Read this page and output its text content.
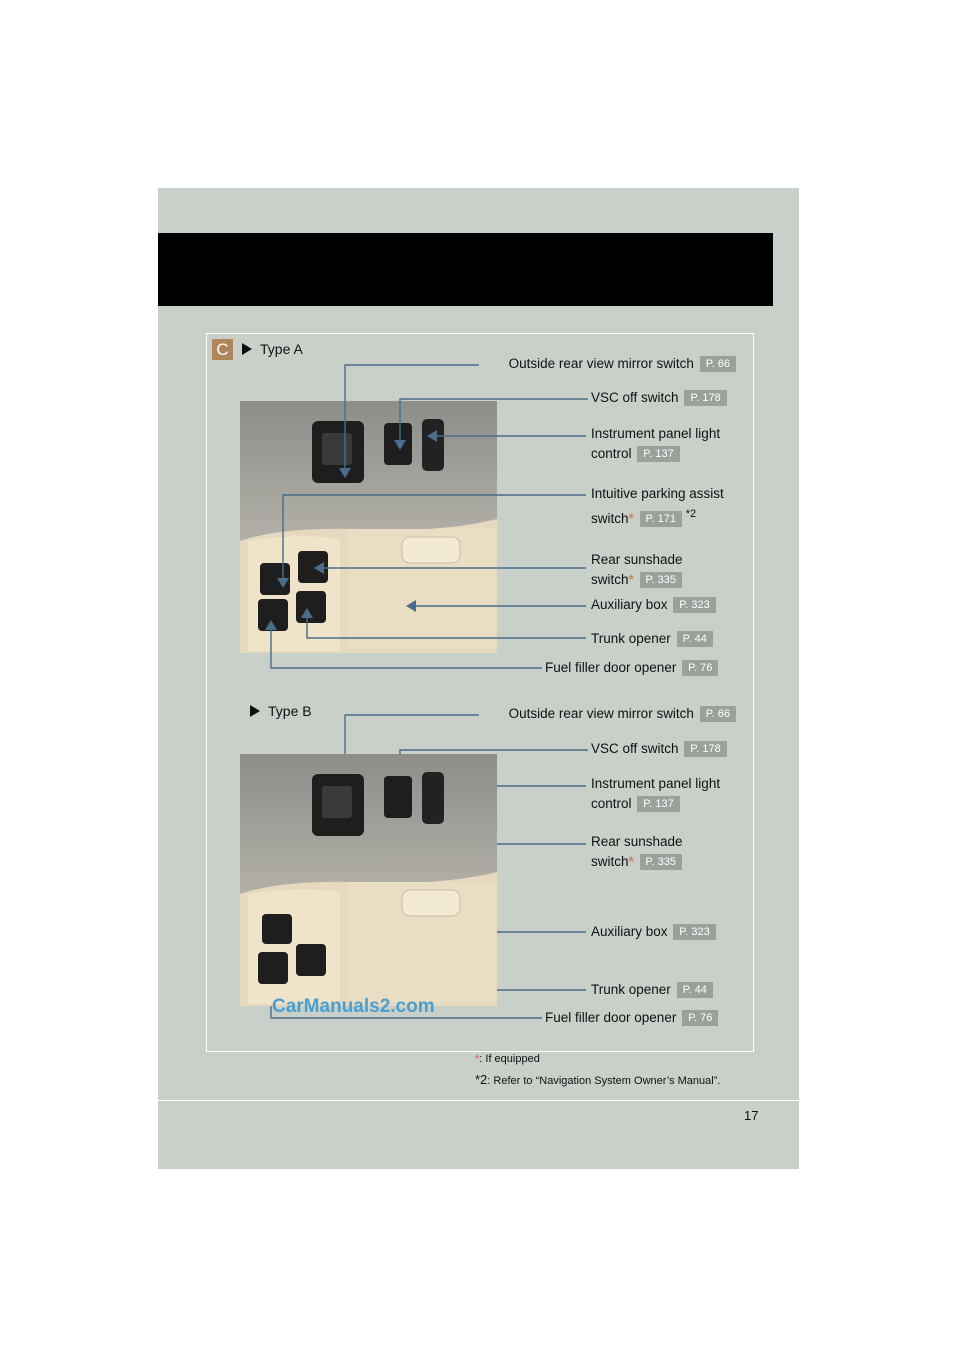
C	Type A
Outside rear view mirror switch P. 66
VSC off switch P. 178
Instrument panel light
control P. 137
Intuitive parking assist
switch* P. 171 $^{*2}$
Rear sunshade
switch* P. 335
Auxiliary box P. 323
Trunk opener P. 44
Fuel filler door opener P. 76
Type B	Outside rear view mirror switch P. 66
VSC off switch P. 178
Instrument panel light
control P. 137
Rear sunshade
switch* P. 335
Auxiliary box P. 323
Trunk opener P. 44
Fuel filler door opener P. 76
CarManuals2.com
*: If equipped
*2: Refer to “Navigation System Owner’s Manual”.
17
